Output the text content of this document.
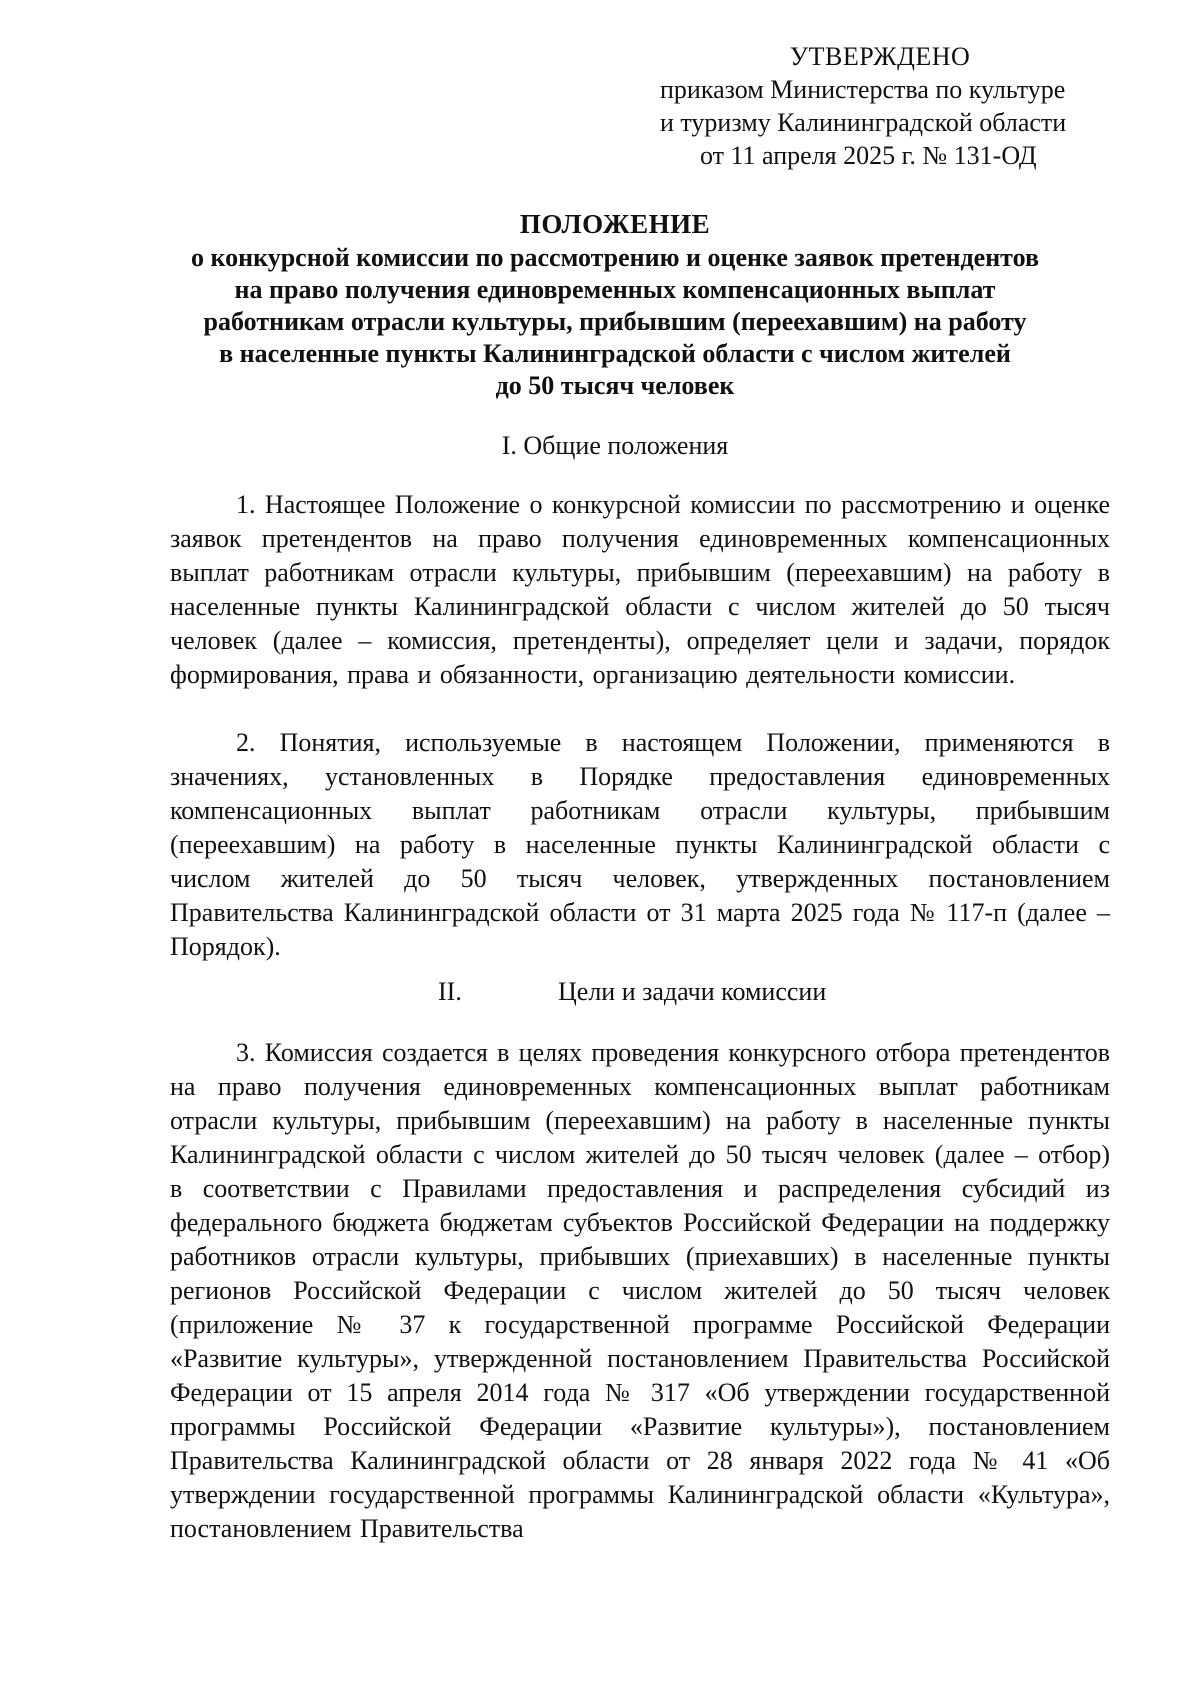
УТВЕРЖДЕНО
приказом Министерства по культуре
и туризму Калининградской области
от 11 апреля 2025 г. № 131-ОД
ПОЛОЖЕНИЕ
о конкурсной комиссии по рассмотрению и оценке заявок претендентов
на право получения единовременных компенсационных выплат
работникам отрасли культуры, прибывшим (переехавшим) на работу
в населенные пункты Калининградской области с числом жителей
до 50 тысяч человек
I. Общие положения

1. Настоящее Положение о конкурсной комиссии по рассмотрению и оценке заявок претендентов на право получения единовременных компенсационных выплат работникам отрасли культуры, прибывшим (переехавшим) на работу в населенные пункты Калининградской области с числом жителей до 50 тысяч человек (далее – комиссия, претенденты), определяет цели и задачи, порядок формирования, права и обязанности, организацию деятельности комиссии.

2. Понятия, используемые в настоящем Положении, применяются в значениях, установленных в Порядке предоставления единовременных компенсационных выплат работникам отрасли культуры, прибывшим (переехавшим) на работу в населенные пункты Калининградской области с числом жителей до 50 тысяч человек, утвержденных постановлением Правительства Калининградской области от 31 марта 2025 года № 117-п (далее – Порядок).

II.	Цели и задачи комиссии

3. Комиссия создается в целях проведения конкурсного отбора претендентов на право получения единовременных компенсационных выплат работникам отрасли культуры, прибывшим (переехавшим) на работу в населенные пункты Калининградской области с числом жителей до 50 тысяч человек (далее – отбор) в соответствии с Правилами предоставления и распределения субсидий из федерального бюджета бюджетам субъектов Российской Федерации на поддержку работников отрасли культуры, прибывших (приехавших) в населенные пункты регионов Российской Федерации с числом жителей до 50 тысяч человек (приложение № 37 к государственной программе Российской Федерации «Развитие культуры», утвержденной постановлением Правительства Российской Федерации от 15 апреля 2014 года № 317 «Об утверждении государственной программы Российской Федерации «Развитие культуры»), постановлением Правительства Калининградской области от 28 января 2022 года № 41 «Об утверждении государственной программы Калининградской области «Культура», постановлением Правительства
